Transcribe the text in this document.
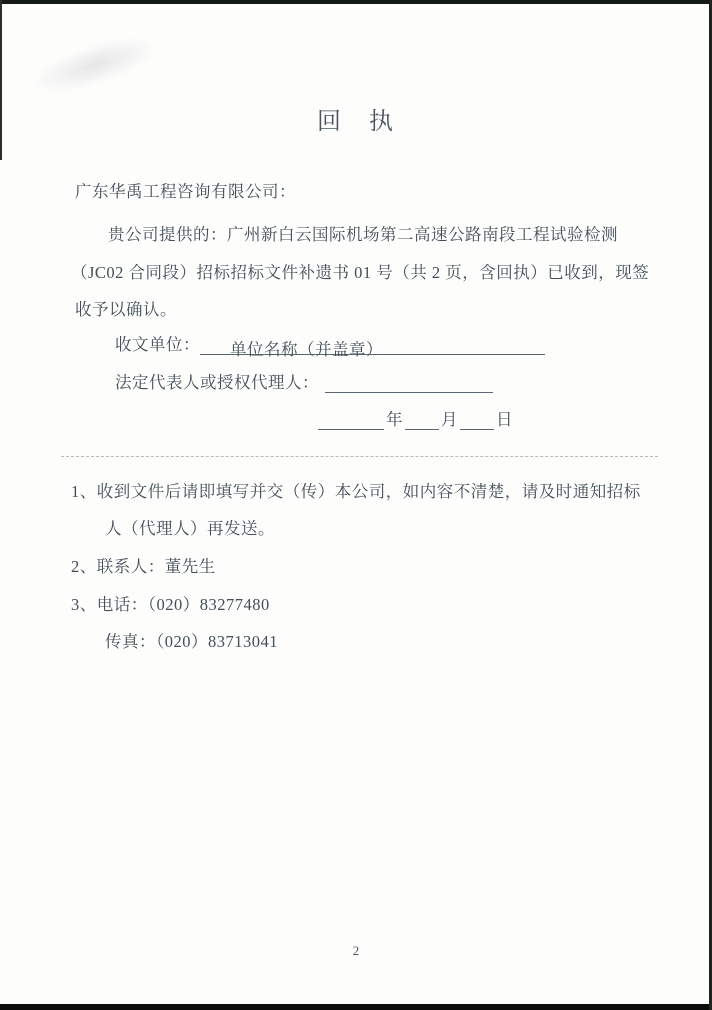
回　执
广东华禹工程咨询有限公司：
贵公司提供的：广州新白云国际机场第二高速公路南段工程试验检测
（JC02 合同段）招标招标文件补遗书 01 号（共 2 页，含回执）已收到，现签
收予以确认。
收文单位： 单位名称（并盖章）
法定代表人或授权代理人：
年 月 日
1、收到文件后请即填写并交（传）本公司，如内容不清楚，请及时通知招标
人（代理人）再发送。
2、联系人：董先生
3、电话：（020）83277480
传真：（020）83713041
2
